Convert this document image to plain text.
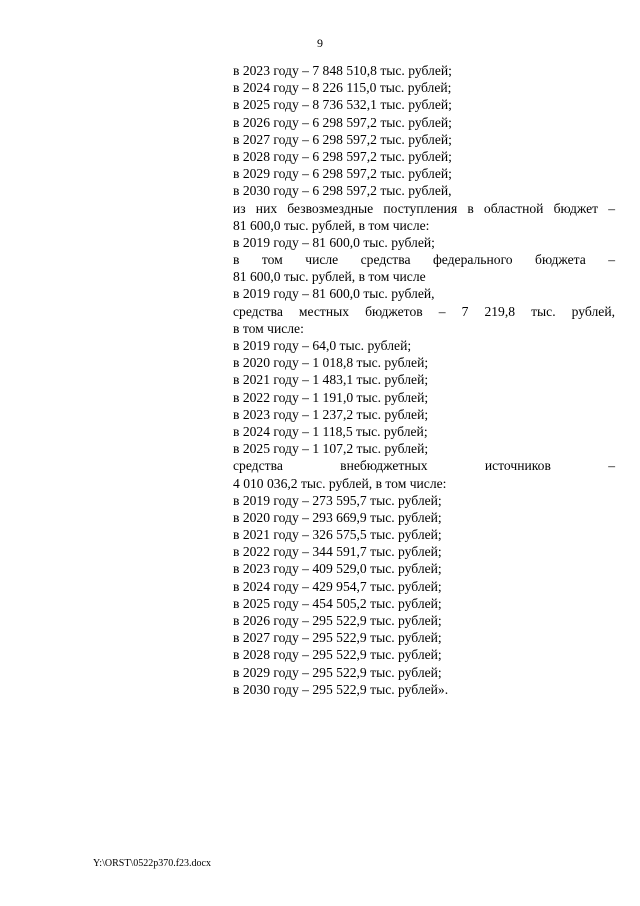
9
в 2023 году – 7 848 510,8 тыс. рублей;
в 2024 году – 8 226 115,0 тыс. рублей;
в 2025 году – 8 736 532,1 тыс. рублей;
в 2026 году – 6 298 597,2 тыс. рублей;
в 2027 году – 6 298 597,2 тыс. рублей;
в 2028 году – 6 298 597,2 тыс. рублей;
в 2029 году – 6 298 597,2 тыс. рублей;
в 2030 году – 6 298 597,2 тыс. рублей,
из них безвозмездные поступления в областной бюджет –
81 600,0 тыс. рублей, в том числе:
в 2019 году – 81 600,0 тыс. рублей;
в том числе средства федерального бюджета –
81 600,0 тыс. рублей, в том числе
в 2019 году – 81 600,0 тыс. рублей,
средства местных бюджетов – 7 219,8 тыс. рублей,
в том числе:
в 2019 году – 64,0 тыс. рублей;
в 2020 году – 1 018,8 тыс. рублей;
в 2021 году – 1 483,1 тыс. рублей;
в 2022 году – 1 191,0 тыс. рублей;
в 2023 году – 1 237,2 тыс. рублей;
в 2024 году – 1 118,5 тыс. рублей;
в 2025 году – 1 107,2 тыс. рублей;
средства внебюджетных источников –
4 010 036,2 тыс. рублей, в том числе:
в 2019 году – 273 595,7 тыс. рублей;
в 2020 году – 293 669,9 тыс. рублей;
в 2021 году – 326 575,5 тыс. рублей;
в 2022 году – 344 591,7 тыс. рублей;
в 2023 году – 409 529,0 тыс. рублей;
в 2024 году – 429 954,7 тыс. рублей;
в 2025 году – 454 505,2 тыс. рублей;
в 2026 году – 295 522,9 тыс. рублей;
в 2027 году – 295 522,9 тыс. рублей;
в 2028 году – 295 522,9 тыс. рублей;
в 2029 году – 295 522,9 тыс. рублей;
в 2030 году – 295 522,9 тыс. рублей».
Y:\ORST\0522p370.f23.docx
